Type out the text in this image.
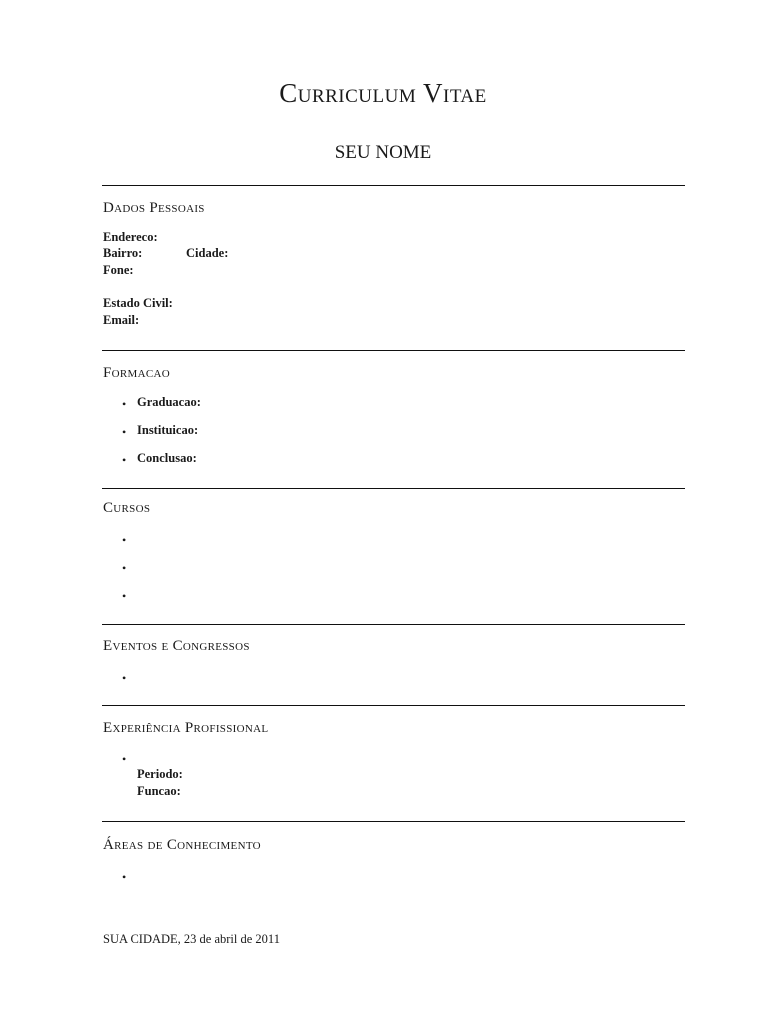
Curriculum Vitae
SEU NOME
Dados Pessoais
Endereco:
Bairro:	Cidade:
Fone:
Estado Civil:
Email:
Formacao
• Graduacao:
• Instituicao:
• Conclusao:
Cursos
•
•
•
Eventos e Congressos
•
Experiência Profissional
•
Periodo:
Funcao:
Áreas de Conhecimento
•
SUA CIDADE, 23 de abril de 2011
